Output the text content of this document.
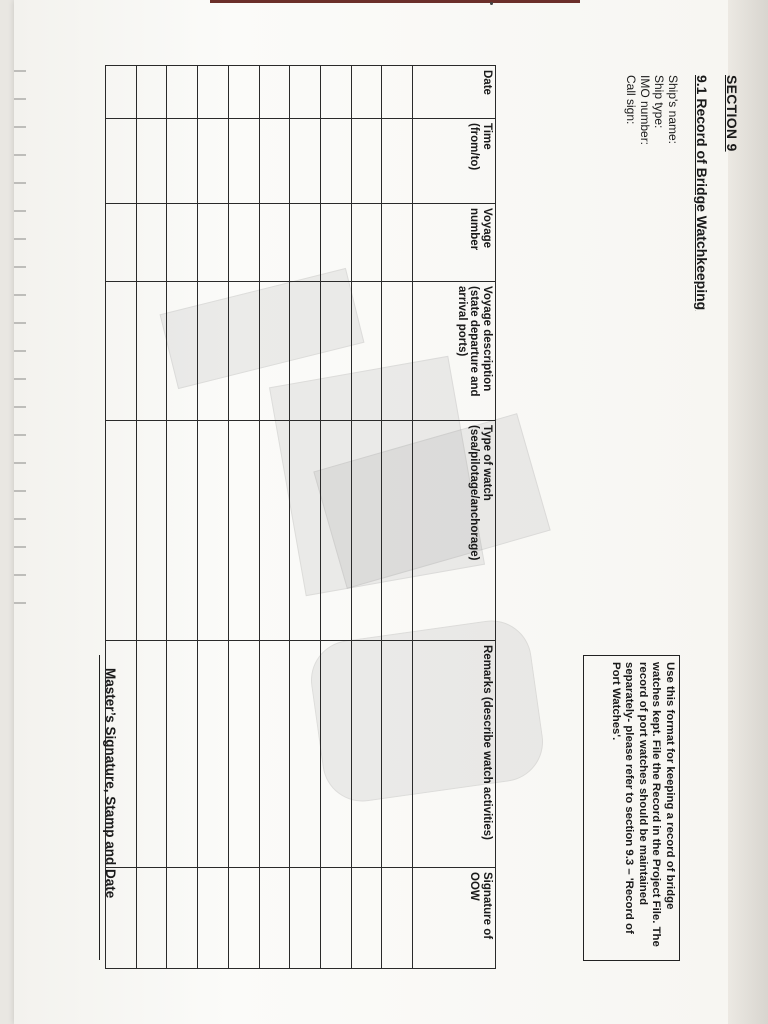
SECTION 9
9.1 Record of Bridge Watchkeeping
Ship's name:
Ship type:
IMO number:
Call sign:
Use this format for keeping a record of bridge watches kept. File the Record in the Project File. The record of port watches should be maintained separately- please refer to section 9.3 – 'Record of Port Watches'.
Date	Time (from/to)	Voyage number	Voyage description (state departure and arrival ports)	Type of watch (sea/pilotage/anchorage)	Remarks (describe watch activities)	Signature of OOW

Master’s Signature, Stamp and Date
